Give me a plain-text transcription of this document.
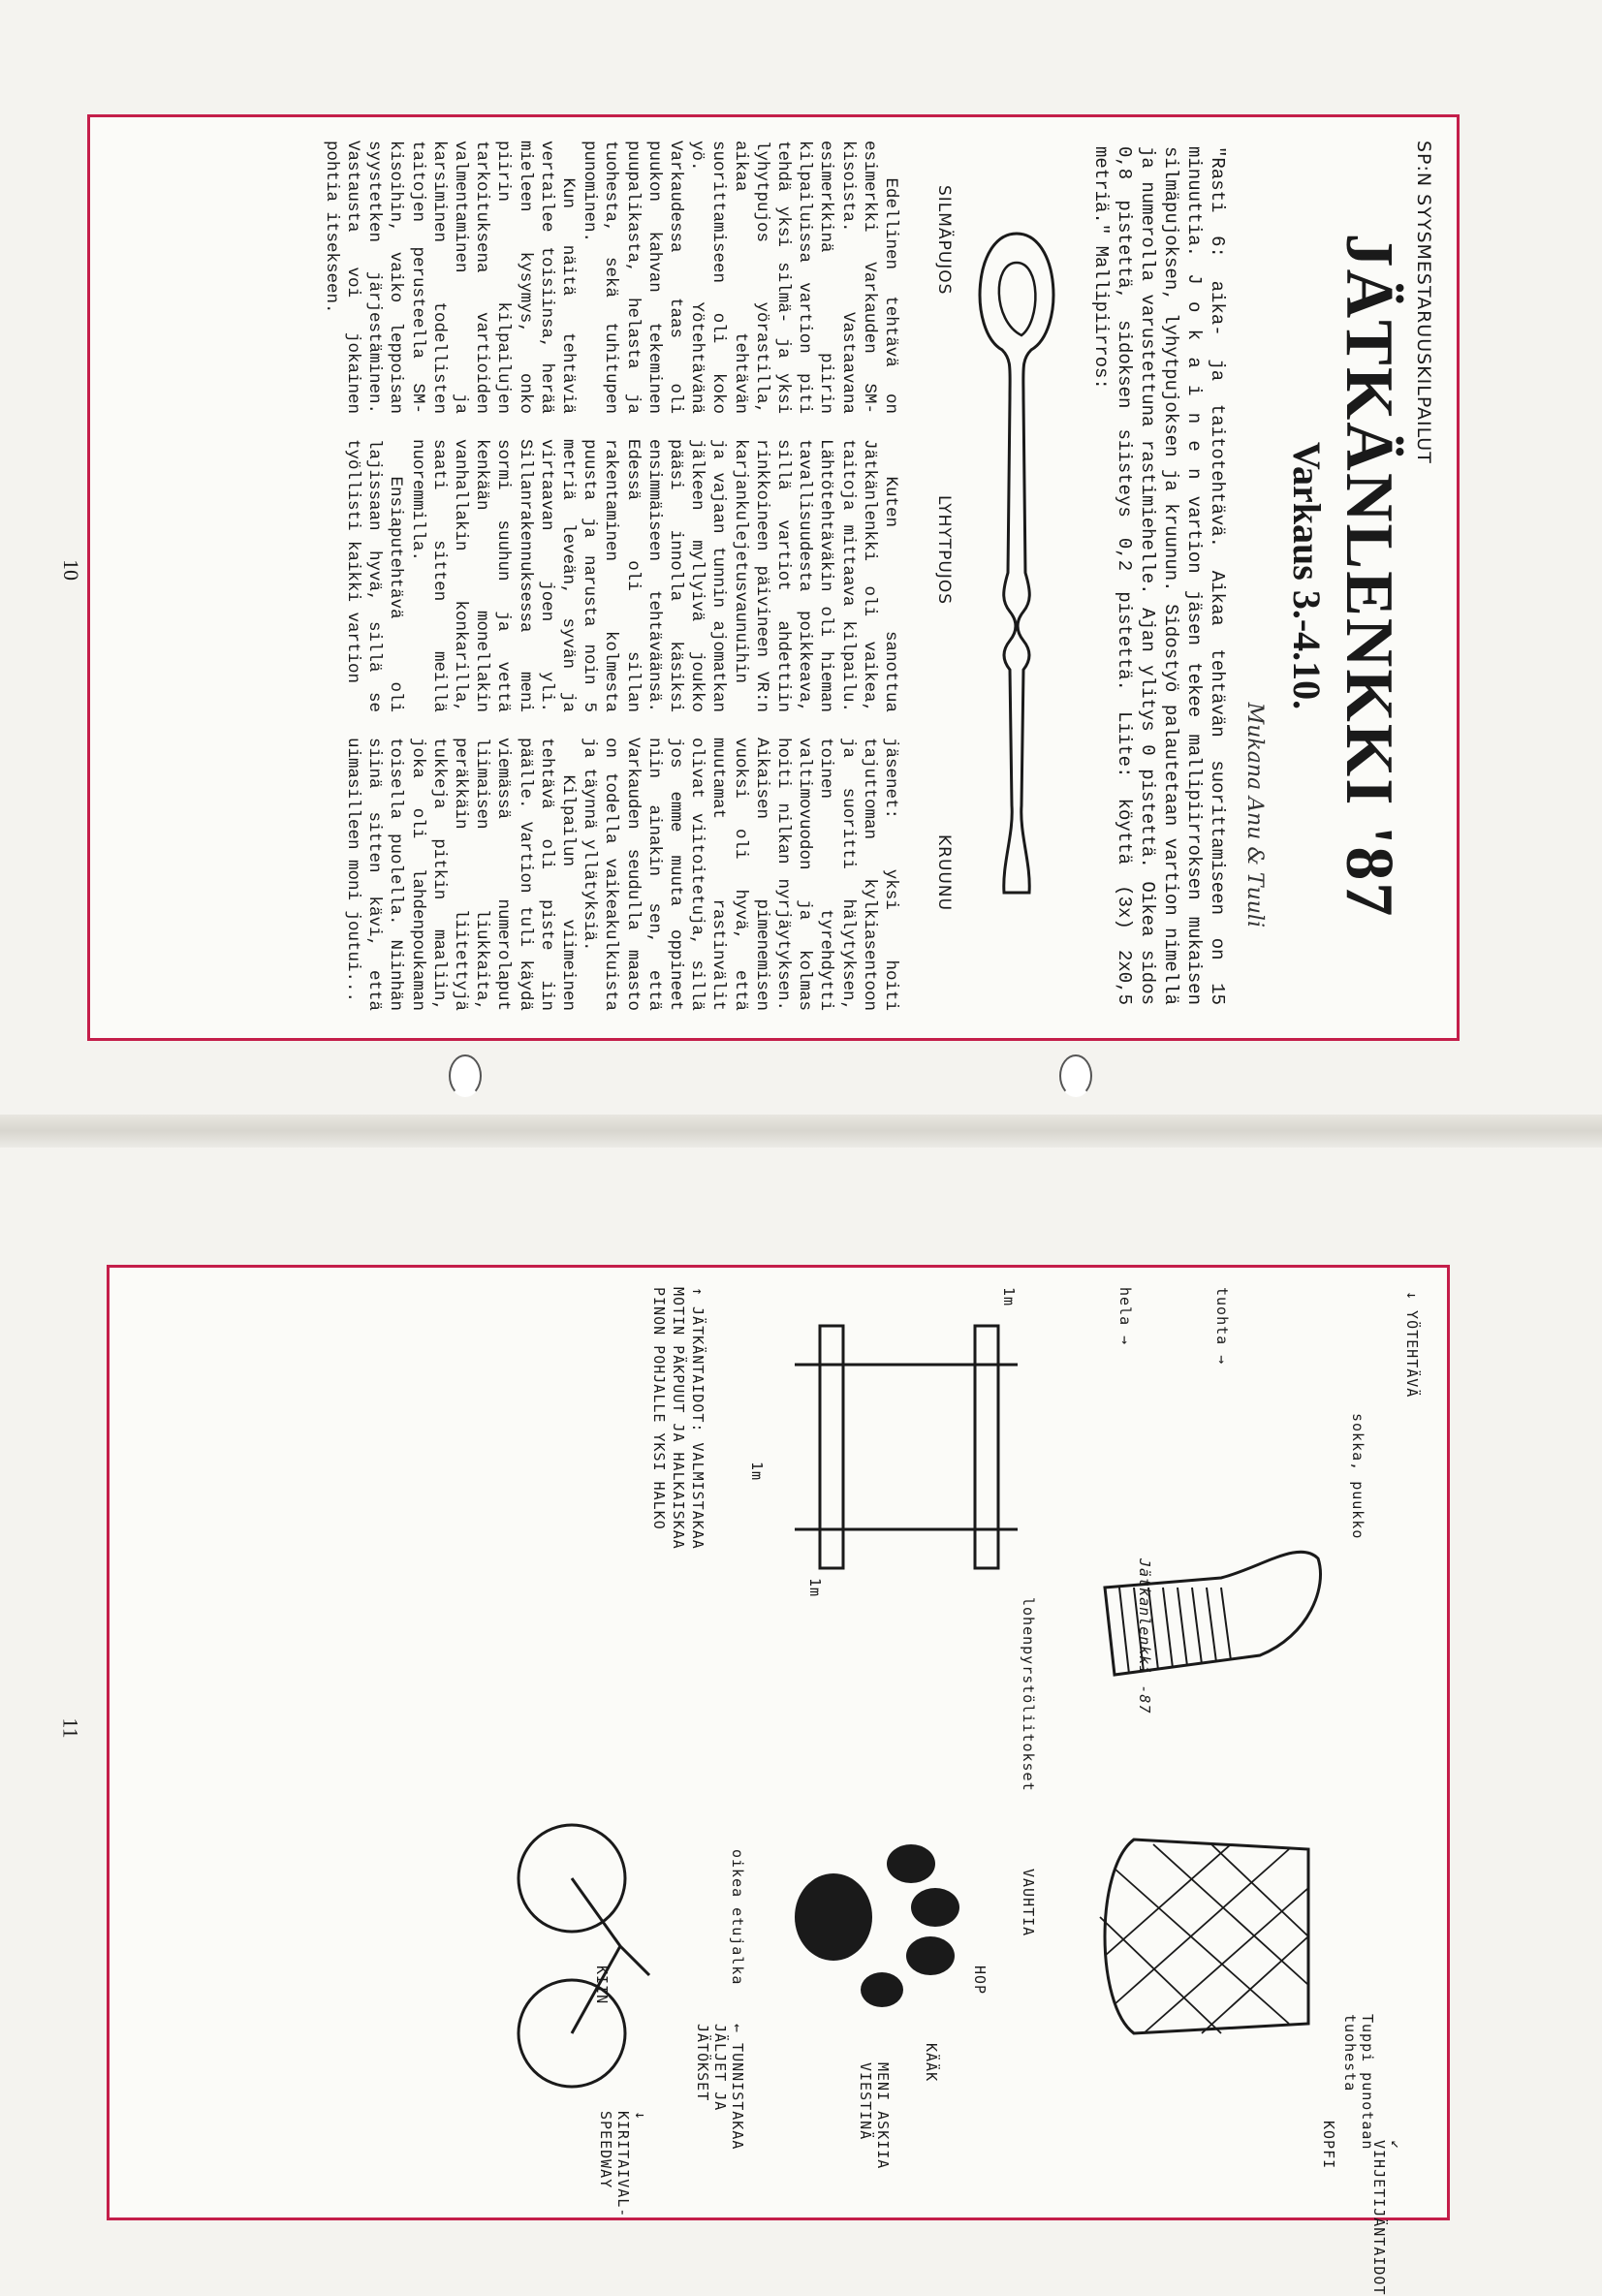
SP:N SYYSMESTARUUSKILPAILUT
JÄTKÄNLENKKI '87
Varkaus 3.-4.10.
Mukana Anu & Tuuli
"Rasti 6: aika- ja taitotehtävä. Aikaa tehtävän suorittamiseen on 15 minuuttia. J o k a i n e n vartion jäsen tekee mallipiirroksen mukaisen silmäpujoksen, lyhytpujoksen ja kruunun. Sidostyö palautetaan vartion nimellä ja numerolla varustettuna rastimiehelle. Ajan ylitys 0 pistettä. Oikea sidos 0,8 pistettä, sidoksen siisteys 0,2 pistettä. Liite: köyttä (3x) 2x0,5 metriä." Mallipiirros:
SILMÄPUJOS
LYHYTPUJOS
KRUUNU

Edellinen tehtävä on esimerkki Varkauden SM-kisoista. Vastaavana esimerkkinä piirin kilpailuissa vartion piti tehdä yksi silmä- ja yksi lyhytpujos yörastilla, aikaa tehtävän suorittamiseen oli koko yö. Yötehtävänä Varkaudessa taas oli puukon kahvan tekeminen puupalikasta, helasta ja tuohesta, sekä tuhitupen punominen.

Kun näitä tehtäviä vertailee toisiinsa, herää mieleen kysymys, onko piirin kilpailujen tarkoituksena vartioiden valmentaminen ja karsiminen todellisten taitojen perusteella SM-kisoihin, vaiko leppoisan syystetken järjestäminen. Vastausta voi jokainen pohtia itsekseen.

Kuten sanottua Jätkänlenkki oli vaikea, taitoja mittaava kilpailu. Lähtötehtäväkin oli hieman tavallisuudesta poikkeava, sillä vartiot ahdettiin rinkkoineen päivineen VR:n karjankulejetusvaunuihin ja vajaan tunnin ajomatkan jälkeen myllyivä joukko pääsi innolla käsiksi ensimmäiseen tehtäväänsä. Edessä oli sillan rakentaminen kolmesta puusta ja narusta noin 5 metriä leveän, syvän ja virtaavan joen yli. Sillanrakennuksessa meni sormi suuhun ja vettä kenkään monellakin vanhallakin konkarilla, saati sitten meillä nuoremmilla.

Ensiaputehtävä oli lajissaan hyvä, sillä se työllisti kaikki vartion

jäsenet: yksi hoiti tajuttoman kylkiasentoon ja suoritti hälytyksen, toinen tyrehdytti valtimovuodon ja kolmas hoiti nilkan nyrjäytyksen. Aikaisen pimenemisen vuoksi oli hyvä, että muutamat rastinvälit olivat viitoitetuja, sillä jos emme muuta oppineet niin ainakin sen, että Varkauden seudulla maasto on todella vaikeakulkuista ja täynnä yllätyksiä.

Kilpailun viimeinen tehtävä oli piste iin päälle. Vartion tuli käydä viemässä numerolaput liimaisen liukkaita, peräkkäin liitettyjä tukkeja pitkin maaliin, joka oli lahdenpoukaman toisella puolella. Niinhän siinä sitten kävi, että uimasilleen moni joutui...

10
↓ YÖTEHTÄVÄ
sokka, puukko
tuohta →
hela →
Jätkänlenkki -87
Tuppi punotaan tuohesta
lohenpyrstöliitokset
1m
1m
1m
↑ JÄTKÄNTAIDOT: VALMISTAKAA MOTIN PÄKPUUT JA HALKAISKAA PINON POHJALLE YKSI HALKO
VAUHTIA
HOP
KÄÄK
MENI ASKIIA VIESTINÄ
oikea etujalka
← TUNNISTAKAA JÄLJET JA JÄTÖKSET
↓ KIRITAIVAL-SPEEDWAY	↙ VIHJETIJÄNTAIDOT
KOPFI
KIIN
11
